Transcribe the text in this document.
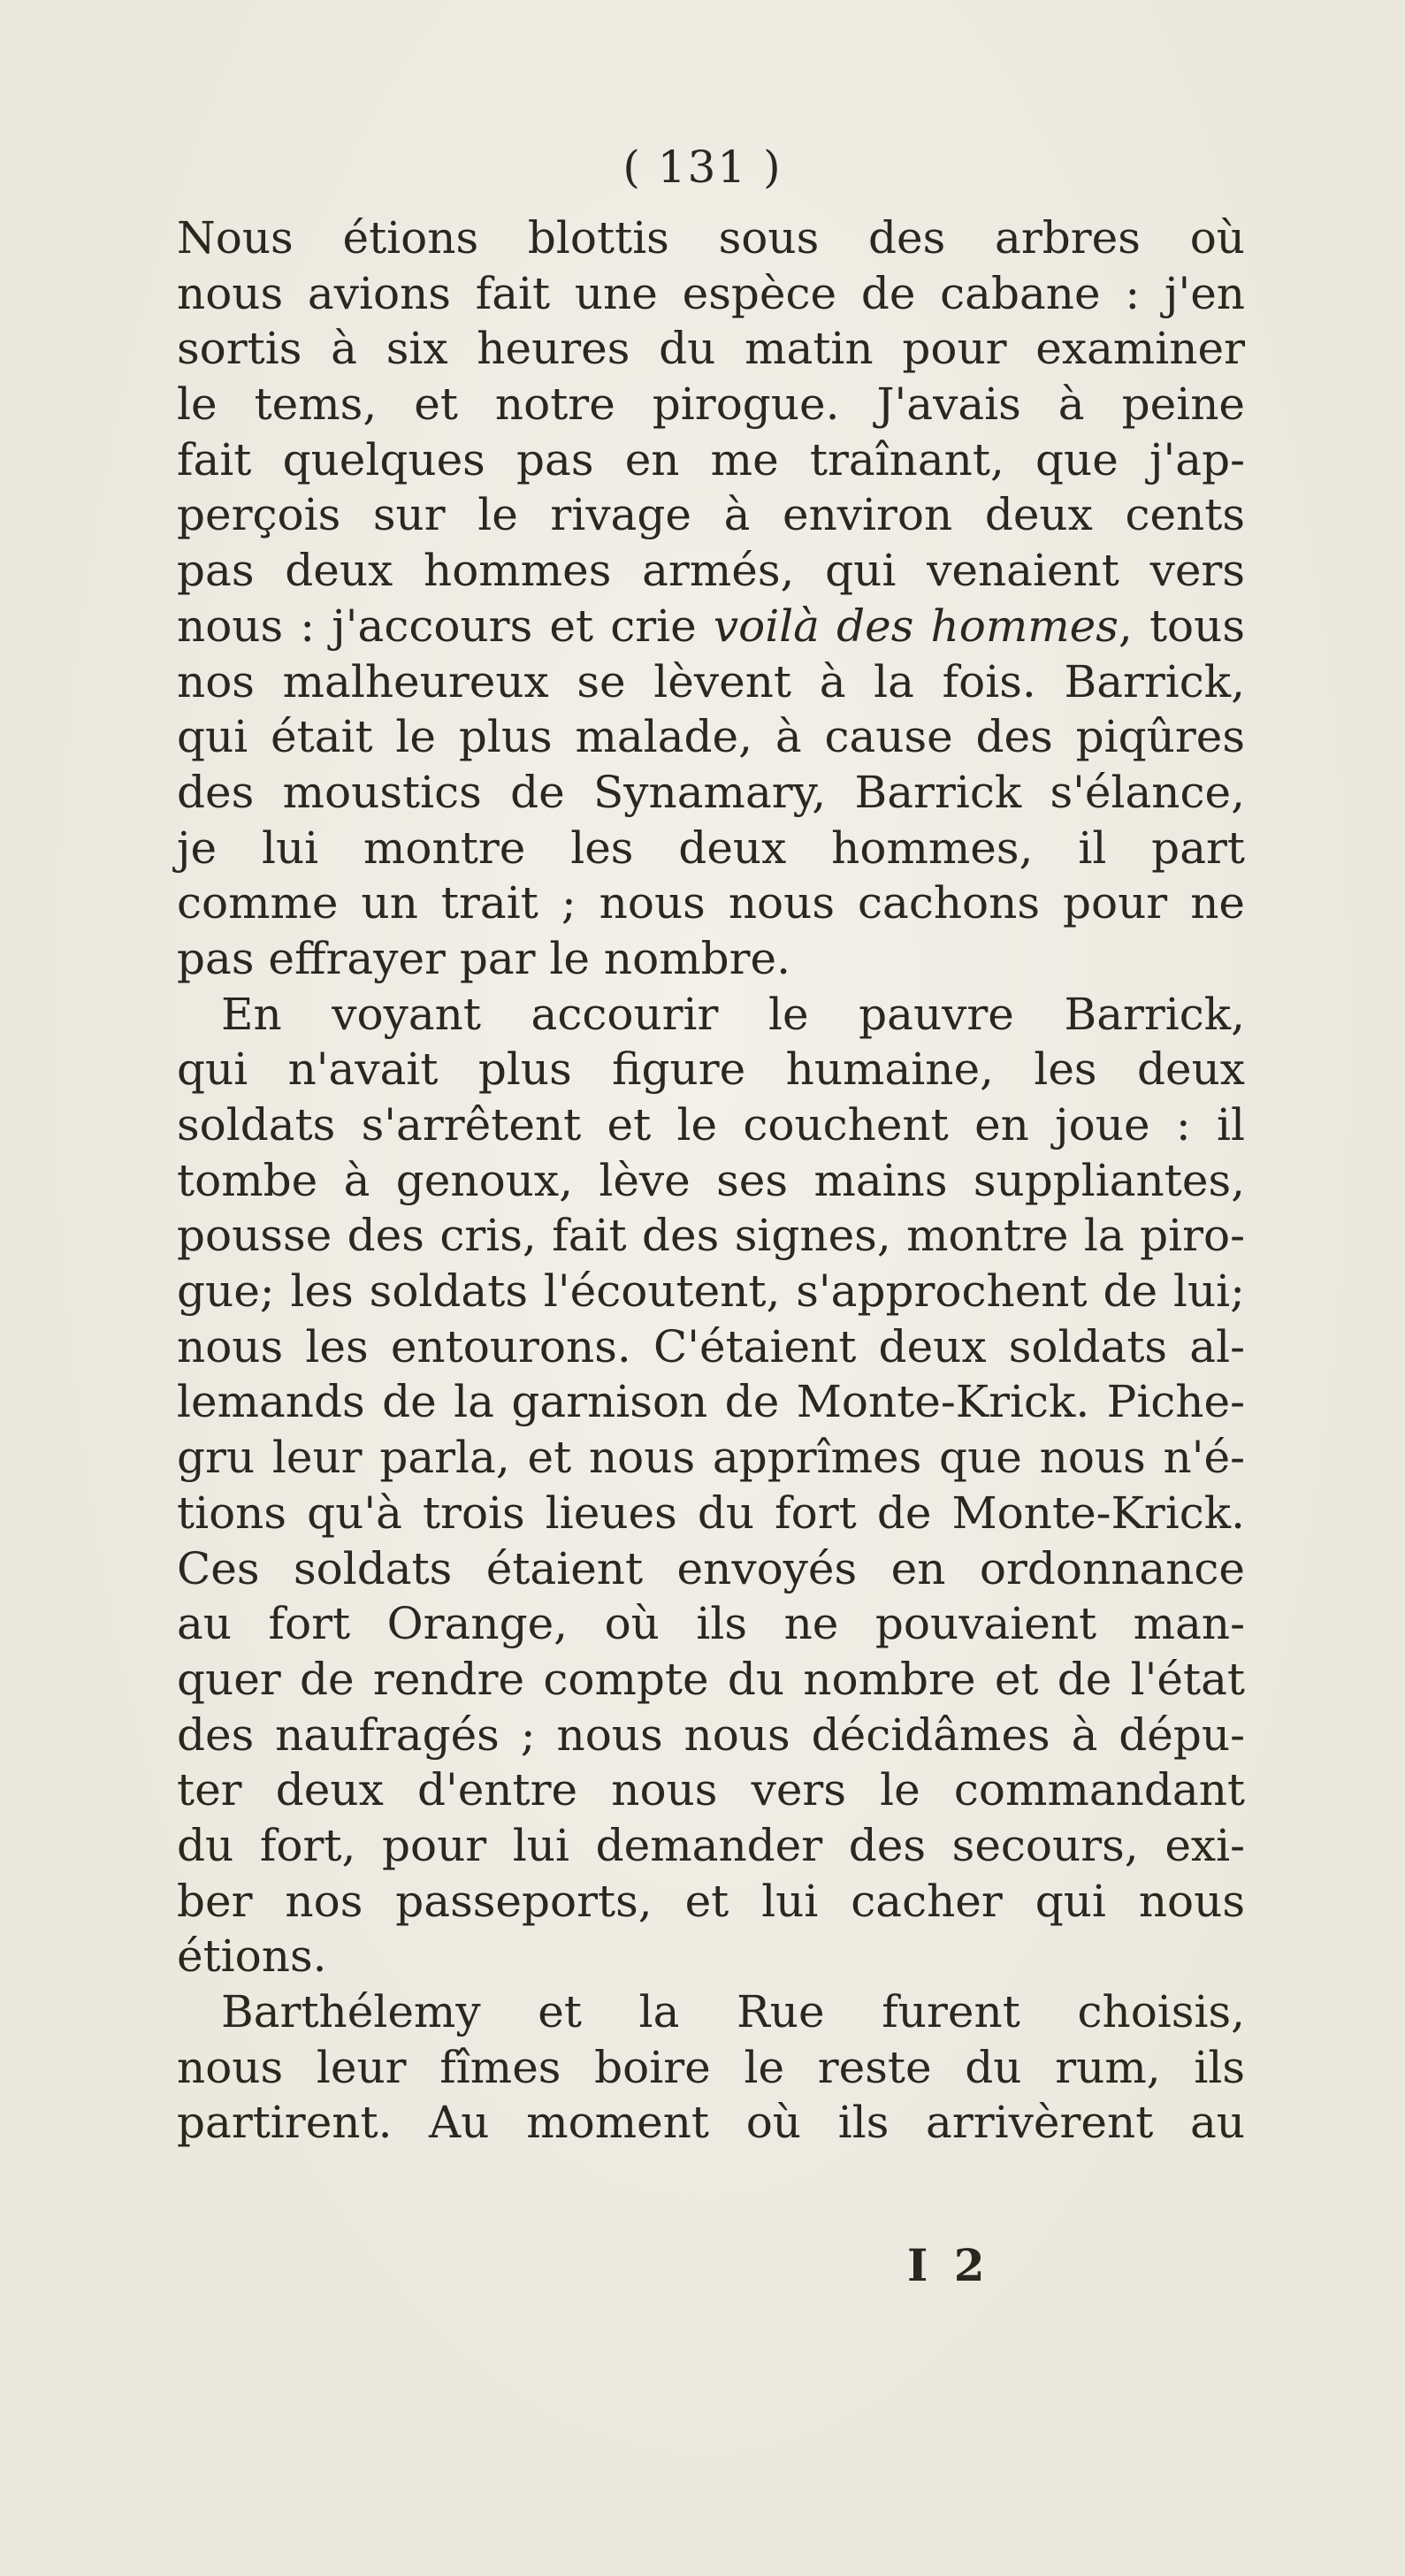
( 131 )
Nous étions blottis sous des arbres où
nous avions fait une espèce de cabane : j'en
sortis à six heures du matin pour examiner
le tems, et notre pirogue. J'avais à peine
fait quelques pas en me traînant, que j'ap-
perçois sur le rivage à environ deux cents
pas deux hommes armés, qui venaient vers
nous : j'accours et crie voilà des hommes, tous
nos malheureux se lèvent à la fois. Barrick,
qui était le plus malade, à cause des piqûres
des moustics de Synamary, Barrick s'élance,
je lui montre les deux hommes, il part
comme un trait ; nous nous cachons pour ne
pas effrayer par le nombre.
En voyant accourir le pauvre Barrick,
qui n'avait plus figure humaine, les deux
soldats s'arrêtent et le couchent en joue : il
tombe à genoux, lève ses mains suppliantes,
pousse des cris, fait des signes, montre la piro-
gue; les soldats l'écoutent, s'approchent de lui;
nous les entourons. C'étaient deux soldats al-
lemands de la garnison de Monte-Krick. Piche-
gru leur parla, et nous apprîmes que nous n'é-
tions qu'à trois lieues du fort de Monte-Krick.
Ces soldats étaient envoyés en ordonnance
au fort Orange, où ils ne pouvaient man-
quer de rendre compte du nombre et de l'état
des naufragés ; nous nous décidâmes à dépu-
ter deux d'entre nous vers le commandant
du fort, pour lui demander des secours, exi-
ber nos passeports, et lui cacher qui nous
étions.
Barthélemy et la Rue furent choisis,
nous leur fîmes boire le reste du rum, ils
partirent. Au moment où ils arrivèrent au
I 2
